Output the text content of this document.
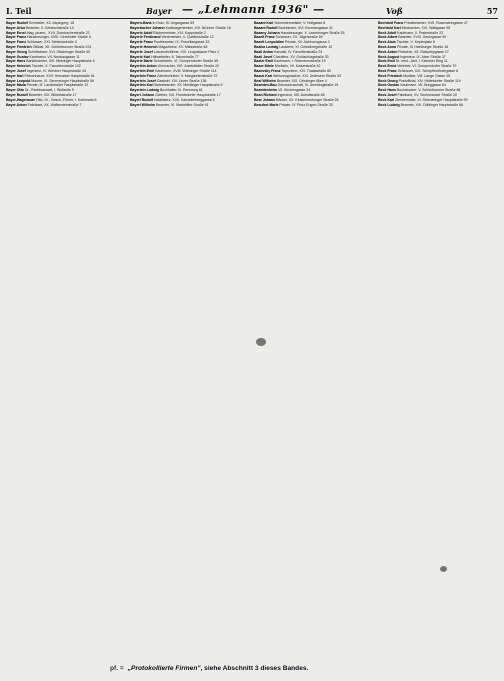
I. Teil	Bayer — „Lehmann 1936" —	Voß	57
Bayer Rudolf Schneider, XX. Aspingerg. 18
Bayer Artur Beamter, II. Gebeschstraße 14
Bayer Ernst Mag. pharm., XVII. Dornbacherstraße 22
Bayer Franz Hausbesorger, XVIII. Gersthofer Straße 6
Bayer Franz Schlosser, XXI. Siebeckstraße 3
Bayer Friedrich Offizial, XII. Schönbrunner Straße 231
Bayer Georg Schriftsetzer, XVI. Ottakringer Straße 40
Bayer Gustav Kaufmann, VII. Neubaugasse 11
Bayer Hans Bankbeamter, XIII. Hietzinger Hauptstraße 6
Bayer Heinrich Tischler, X. Favoritenstraße 102
Bayer Josef Ingenieur, IV. Wiedner Hauptstraße 44
Bayer Karl Fleischhauer, XVII. Hernalser Hauptstraße 81
Bayer Leopold Maurer, XI. Simmeringer Hauptstraße 56
Bayer Maria Private, III. Landstraßer Hauptstraße 12
Bayer Otto Dr., Rechtsanwalt, I. Wollzeile 9
Bayer Rudolf Beamter, XIX. Billrothstraße 17
Bayer-Hagenauer Otto, Dr., Gesch.-Führer, I. Kohlmarkt 8
Bayer Anton Fabrikant, XX. Wallensteinstraße 7
Bayern-Bank in Graz, III. Ungargasse 59
Bayerbacher Johann Kraftwagenlenker, XXI. Brünner Straße 15
Bayerle Adolf Bäckermeister, XVI. Koppstraße 2
Bayerle Ferdinand Werkmeister, X. Quellenstraße 12
Bayerle Franz Postbeamter, IX. Porzellangasse 33
Bayerle Heinrich Magazineur, XV. Märzstraße 48
Bayerle Josef Lokomotivführer, XXI. Leopoldauer Platz 4
Bayerle Karl Hilfsarbeiter, II. Taborstraße 77
Bayerle Marie Schneiderin, VI. Gumpendorfer Straße 55
Bayerlein Anton Uhrmacher, VIII. Josefstädter Straße 20
Bayerlein Emil Kaufmann, XVIII. Währinger Straße 114
Bayerlein Franz Zahntechniker, V. Margaretenstraße 72
Bayerlein Josef Gastwirt, XIV. Linzer Straße 138
Bayerlein Karl Bahnbeamter, XII. Meidlinger Hauptstraße 9
Bayerlein Ludwig Buchhalter, III. Rennweg 61
Bayerl Johann Gärtner, XXI. Floridsdorfer Hauptstraße 17
Bayerl Rudolf Installateur, XVII. Kalvarienberggasse 6
Bayerl Wilhelm Beamter, VI. Mariahilfer Straße 91
Bazant Karl Schneidermeister, V. Hollgasse 8
Bazant Rudolf Buchbinder, XVI. Brunnengasse 41
Bazany Johann Hausbesorger, X. Laxenburger Straße 25
Bazelt Franz Schlosser, XX. Jägerstraße 69
Bazelt Leopoldine Private, XII. Aichhorngasse 3
Bazika Ludwig Lackierer, XI. Geiselbergstraße 10
Bazil Anton Kanzlist, IV. Favoritenstraße 24
Bazil Josef Chauffeur, XV. Goldschlagstraße 33
Bazler Emil Kaufmann, I. Rotenturmstraße 19
Bazor Marie Modistin, VII. Kaiserstraße 42
Bazovsky Franz Tapezierer, XVI. Thaliastraße 80
Bazuk Karl Werkzeugmacher, XXI. Jedleseer Straße 52
Beal Wilhelm Beamter, XIX. Grinzinger Allee 4
Beamten-Bau Genossenschaft, VI. Amerlingstraße 19
Beamtenheim VII. Kirchengasse 24
Bean Richard Ingenieur, XIII. Auhofstraße 88
Bear Johann Bäcker, XX. Klosterneuburger Straße 26
Beaufort Marie Private, IV. Prinz-Eugen-Straße 30
Bechtold Franz Privatbeamter, XVII. Rosensteingasse 47
Bechtold Karl Mechaniker, XVI. Wattgasse 55
Beck Adolf Kaufmann, II. Praterstraße 23
Beck Albert Beamter, XVIII. Gentzgasse 90
Beck Alois Tischler, X. Keplerplatz 6
Beck Anna Private, III. Hainburger Straße 18
Beck Anton Fleischer, XII. Ratschkygasse 27
Beck August Ingenieur, IX. Alser Straße 37
Beck Emil Dr. med., Arzt, I. Kärntner Ring 11
Beck Ernst Vertreter, VI. Gumpendorfer Straße 70
Beck Franz Schlosser, XXI. Schöpfleuthnergasse 8
Beck Friedrich Musiker, VIII. Lange Gasse 35
Beck Georg Postoffizial, XIV. Hütteldorfer Straße 119
Beck Gustav Kaufmann, VII. Burggasse 64
Beck Hans Buchdrucker, V. Schönbrunner Straße 88
Beck Josef Fabrikant, XV. Sechshauser Straße 20
Beck Karl Zimmermaler, XI. Simmeringer Hauptstraße 99
Beck Ludwig Beamter, XIX. Döblinger Hauptstraße 66
pf. = „Protokollierte Firmen", siehe Abschnitt 3 dieses Bandes.
